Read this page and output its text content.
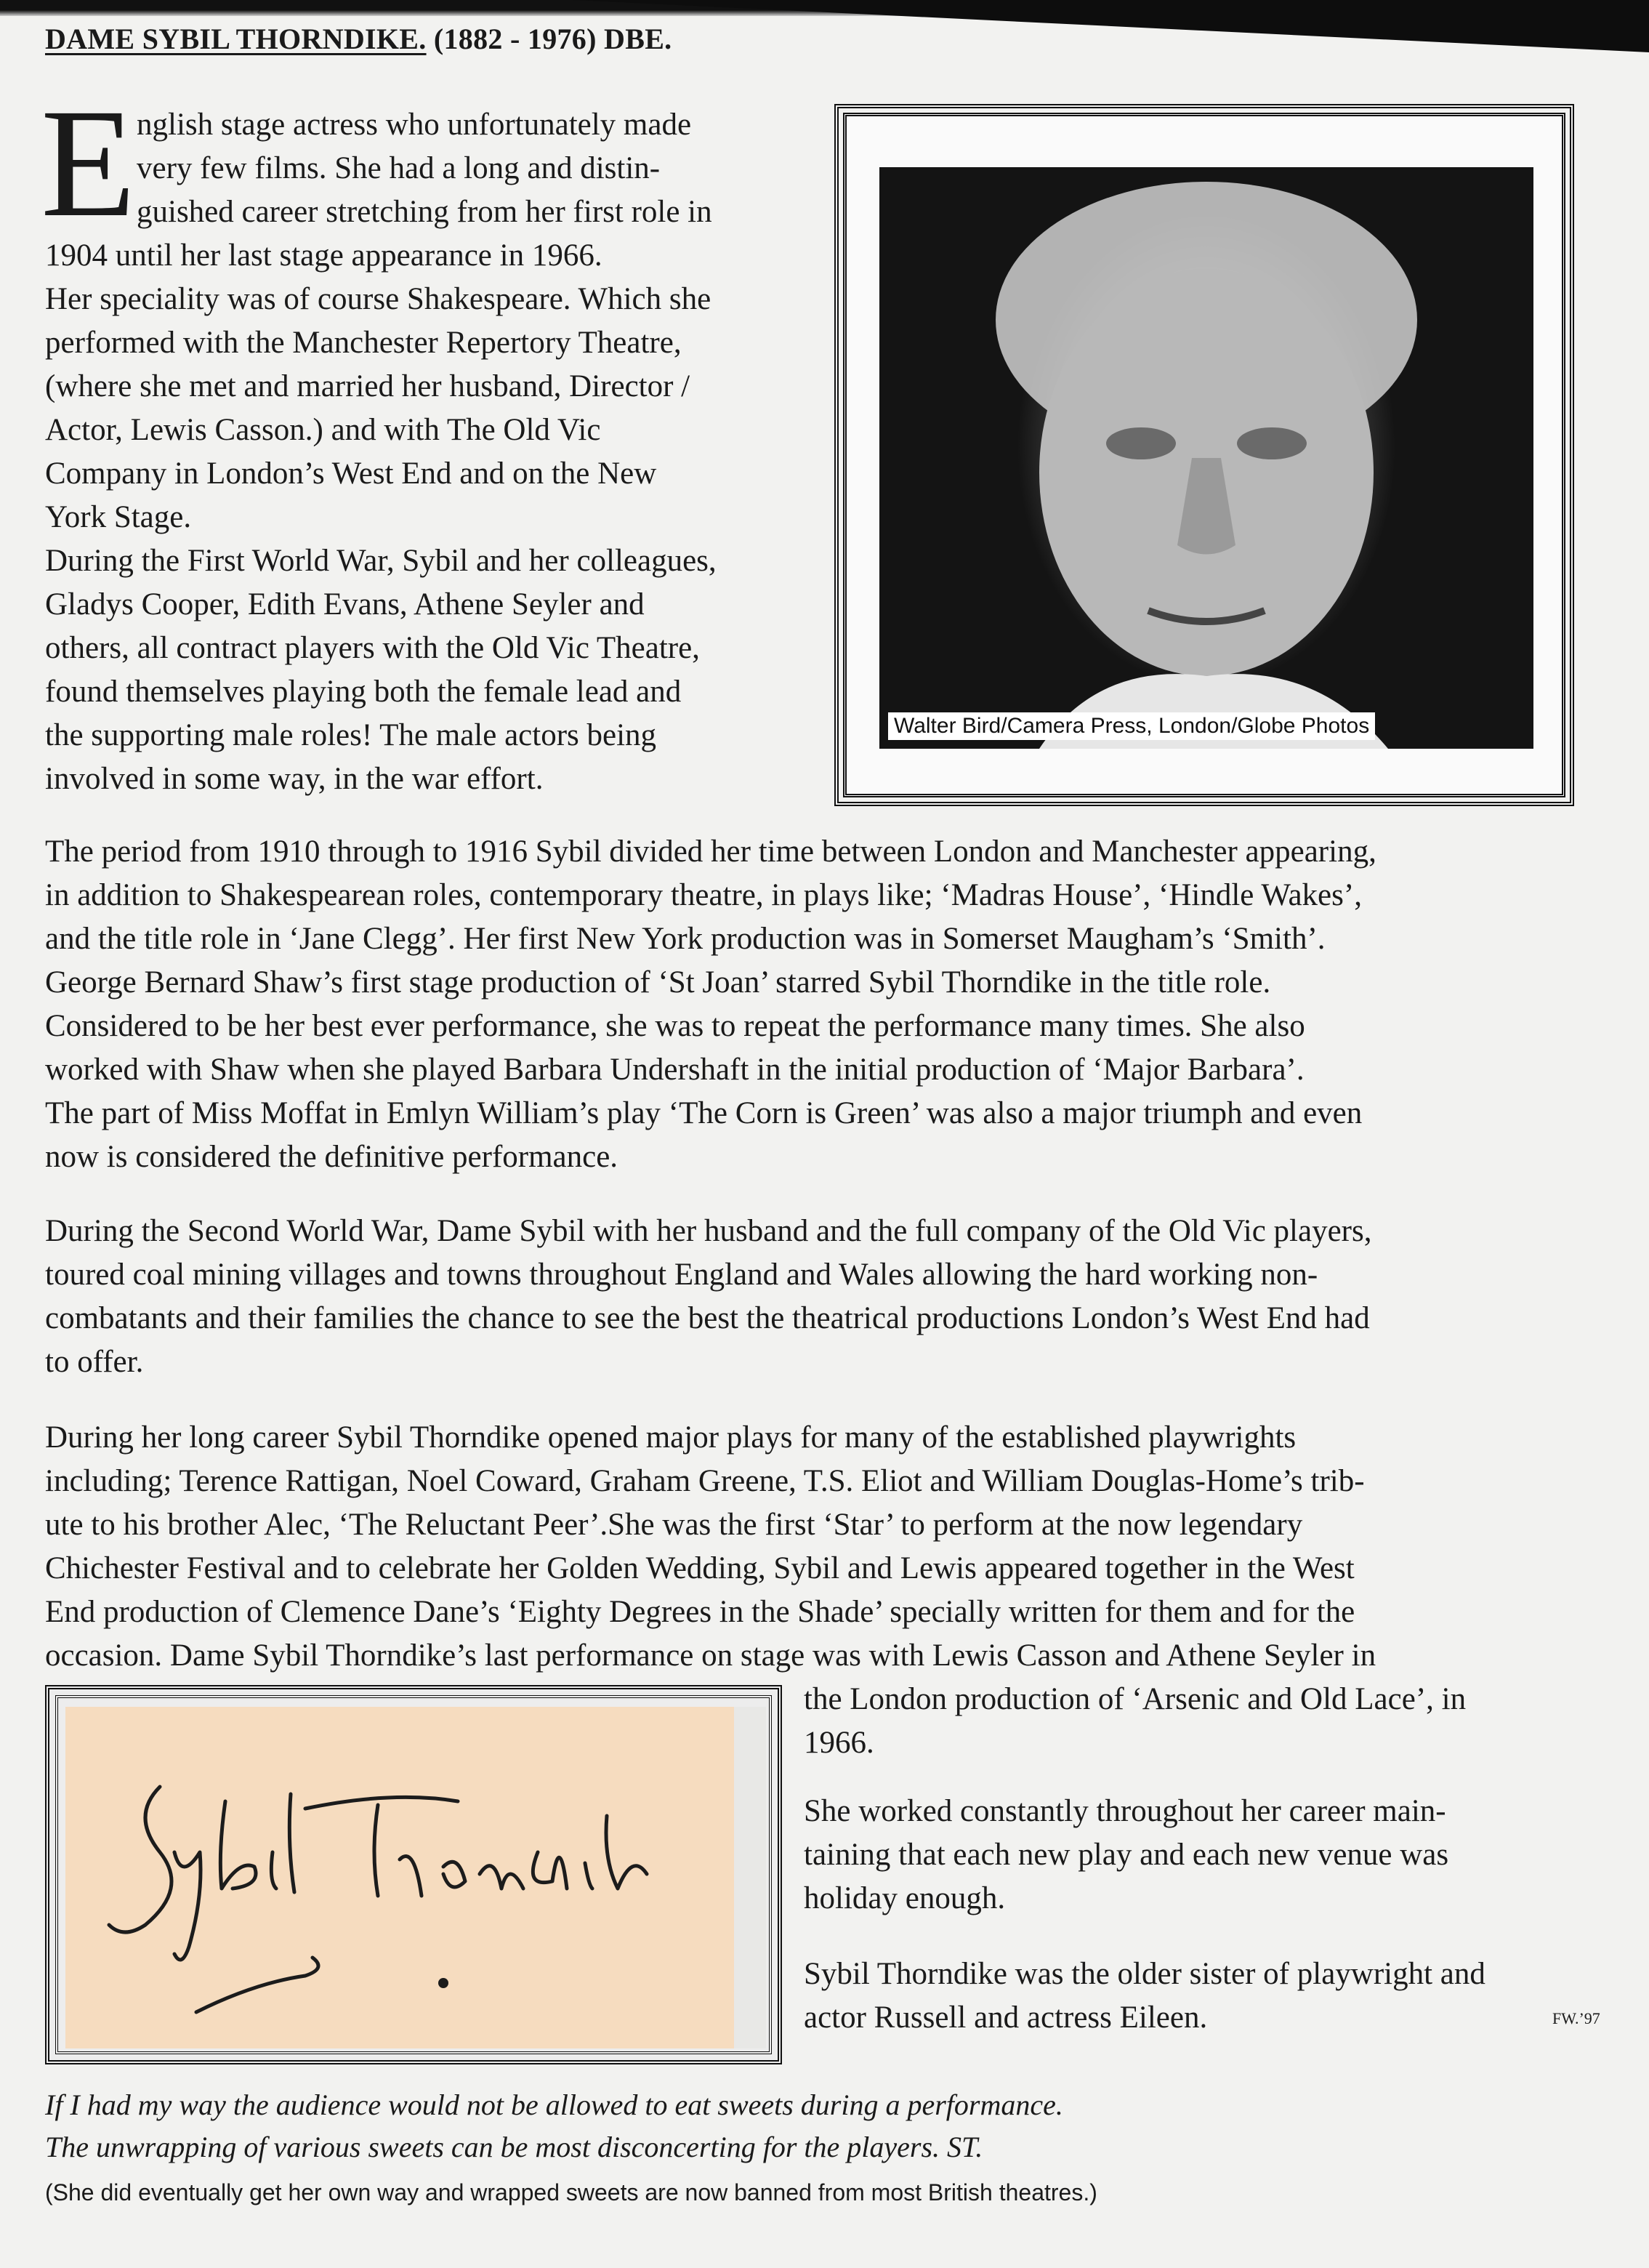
DAME SYBIL THORNDIKE. (1882 - 1976) DBE.
E nglish stage actress who unfortunately made
very few films. She had a long and distin-
guished career stretching from her first role in
1904 until her last stage appearance in 1966.
Her speciality was of course Shakespeare. Which she
performed with the Manchester Repertory Theatre,
(where she met and married her husband, Director /
Actor, Lewis Casson.) and with The Old Vic
Company in London’s West End and on the New
York Stage.
During the First World War, Sybil and her colleagues,
Gladys Cooper, Edith Evans, Athene Seyler and
others, all contract players with the Old Vic Theatre,
found themselves playing both the female lead and
the supporting male roles! The male actors being
involved in some way, in the war effort.
Walter Bird/Camera Press, London/Globe Photos
The period from 1910 through to 1916 Sybil divided her time between London and Manchester appearing,
in addition to Shakespearean roles, contemporary theatre, in plays like; ‘Madras House’, ‘Hindle Wakes’,
and the title role in ‘Jane Clegg’. Her first New York production was in Somerset Maugham’s ‘Smith’.
George Bernard Shaw’s first stage production of ‘St Joan’ starred Sybil Thorndike in the title role.
Considered to be her best ever performance, she was to repeat the performance many times. She also
worked with Shaw when she played Barbara Undershaft in the initial production of ‘Major Barbara’.
The part of Miss Moffat in Emlyn William’s play ‘The Corn is Green’ was also a major triumph and even
now is considered the definitive performance.
During the Second World War, Dame Sybil with her husband and the full company of the Old Vic players,
toured coal mining villages and towns throughout England and Wales allowing the hard working non-
combatants and their families the chance to see the best the theatrical productions London’s West End had
to offer.
During her long career Sybil Thorndike opened major plays for many of the established playwrights
including; Terence Rattigan, Noel Coward, Graham Greene, T.S. Eliot and William Douglas-Home’s trib-
ute to his brother Alec, ‘The Reluctant Peer’.She was the first ‘Star’ to perform at the now legendary
Chichester Festival and to celebrate her Golden Wedding, Sybil and Lewis appeared together in the West
End production of Clemence Dane’s ‘Eighty Degrees in the Shade’ specially written for them and for the
occasion. Dame Sybil Thorndike’s last performance on stage was with Lewis Casson and Athene Seyler in
the London production of ‘Arsenic and Old Lace’, in
1966.
She worked constantly throughout her career main-
taining that each new play and each new venue was
holiday enough.
Sybil Thorndike was the older sister of playwright and
actor Russell and actress Eileen.	FW.’97
If I had my way the audience would not be allowed to eat sweets during a performance.
The unwrapping of various sweets can be most disconcerting for the players. ST.
(She did eventually get her own way and wrapped sweets are now banned from most British theatres.)
